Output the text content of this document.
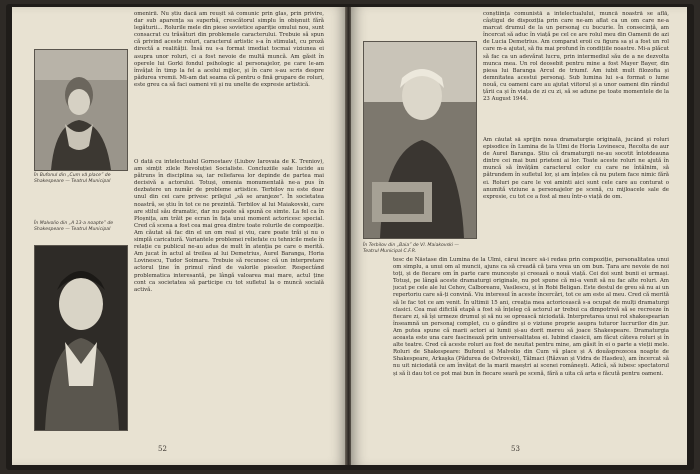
În Bufonul din „Cum vă place” de Shakespeare — Teatrul Municipal

În Malvolio din „A 13-a noapte” de Shakespeare — Teatrul Municipal

omenirii. Nu știu dacă am reușit să comunic prin glas, prin privire, dar sub aparența sa superbă, crescătorul simplu în obișnuit fără legăturii... Rolurile mele din piese sovietice apariție omului nou, sunt consacrat cu trăsături din problemele caracterului. Trebuie să spun că privind aceste roluri, caracterul artistic s-a în stimulat, cu proză directă a realității. Însă nu s-a format imediat tocmai viziunea ei asupra unor roluri, ci a fost nevoie de multă muncă. Am găsit în operele lui Gorki fondul psihologic al personajelor, pe care le-am învățat în timp la fel a acelui mijloc, și în care s-au scris despre pădurea vremii. Mi-am dat seama că pentru o fină grupare de roluri, este greu ca să faci oameni vii și nu unelte de expresie artistică.

O dată cu intelectualul Gornostaev (Liubov Iarovaia de K. Treniov), am simțit zilele Revoluției Socialiste. Concluziile sale lucide au pătruns în disciplina sa, iar reliefarea lor depinde de partea mai decisivă a actorului. Totuși, omenia monumentală ne-a pus în dezbatere un număr de probleme artistice. Terbilov nu este doar unul din cei care privesc prilejul „să se aranjeze”. În societatea noastră, se știu în tot ce ne prezintă. Terbilov al lui Maiakovski, care are stilul său dramatic, dar nu poate să spună ce simte. La fel ca în Ploșnița, am trăit pe ecran în fața unui moment actoricesc special. Cred că scena a fost cea mai grea dintre toate rolurile de compoziție. Am căutat să fac din el un om real și viu, care poate trăi și nu o simplă caricatură. Variantele problemei reliefate cu tehnicile mele în relație cu publicul ne-au adus de mult în atenția pe care o merită. Am jucat în actul al treilea al lui Demetrius, Aurel Baranga, Horia Lovinescu, Tudor Soimaru. Trebuie să recunosc că un interpretare actorul ține în primul rând de valorile pieselor. Respectând problematica interesantă, pe lângă valoarea mai mare, actul ține cont ca societatea să participe cu tot sufletul la o muncă socială activă.

52

În Terbilov din „Baia” de Vl. Maiakovski — Teatrul Municipal C.F.R.

conștiința comunistă a intelectualului, muncă noastră se află, câștigul de dispoziția prin care ne-am aflat ca un om care ne-a marcat drumul de la un personaj cu bucurie. În consecință, am încercat să aduc în viață pe cel ce are rolul meu din Oamenii de azi de Lucia Demetrius. Am comparat eroii cu figura sa și a fost un rol care m-a ajutat, să fiu mai profund în condițiile noastre. Mi-a plăcut să fac ca un adevărat lucru, prin intermediul său de a ne dezvolta munca mea. Un rol deosebit pentru mine a fost Mayer Bayer, din piesa lui Baranga Arcul de triumf. Am iubit mult filozofia și demnitatea acestui personaj. Sub lumina lui s-a format o lume nouă, cu oameni care au ajutat viitorul și a unor oameni din rândul țării ca și în viața de zi cu zi, să se adune pe toate momentele de la 23 August 1944.

Am căutat să sprijin noua dramaturgie originală, jucând și roluri episodice în Lumina de la Ulmi de Horia Lovinescu, Recolta de aur de Aurel Baranga. Știu că dramaturgii ne-au socotit întotdeauna dintre cei mai buni prieteni ai lor. Toate aceste roluri ne ajută în muncă să învățăm caracterul celor cu care ne întâlnim, să pătrundem în sufletul lor, și am înțeles că nu putem face nimic fără ei. Roluri pe care le voi aminti aici sunt cele care au conturat o anumită viziune a personajelor pe scenă, cu mijloacele sale de expresie, cu tot ce a fost al meu într-o viață de om.

tesc de Năstase din Lumina de la Ulmi, cărui încerc să-i redau prin compoziție, personalitatea unui om simplu, a unui om al muncii, ajuns ca să creadă că țara vrea un om bun. Țara are nevoie de noi toți, și de fiecare om în parte care muncește și creează o nouă viață. Cei doi sunt bunii ei urmași. Totuși, pe lângă aceste dramaturgi originale, nu pot spune că mi-a venit să nu fac alte roluri. Am jucat pe cele ale lui Cehov, Calboreanu, Vasilescu, și în Robi Beligan. Este destul de greu să nu ai un repertoriu care să-ți convină. Viu interesul în aceste încercări, tot ce am este al meu. Cred că merită să le fac tot ce am venit. În ultimii 15 ani, creația mea actoricească s-a ocupat de mulți dramaturgi clasici. Cea mai dificilă etapă a fost să înțeleg că actorul ar trebui ca dimpotrivă să se recreeze în fiecare zi, să își urmeze drumul și să nu se oprească niciodată. Interpretarea unui rol shakespearian înseamnă un personaj complet, cu o gândire și o viziune proprie asupra tuturor lucrurilor din jur. Am putea spune că marii actori ai lumii și-au dorit mereu să joace Shakespeare. Dramaturgia aceasta este una care fascinează prin universalitatea ei. Iubind clasicii, am făcut câteva roluri și în alte teatre. Cred că aceste roluri au fost de neuitat pentru mine, am găsit în ei o parte a vieții mele. Roluri de Shakespeare: Bufonul și Malvolio din Cum vă place și A douăsprezecea noapte de Shakespeare, Arkaşka (Pădurea de Ostrovski), Tâlmaci (Răzvan și Vidra de Hasdeu), am încercat să nu uit niciodată ce am învățat de la marii maeștri ai scenei românești. Adică, să iubesc spectatorul și să îi dau tot ce pot mai bun în fiecare seară pe scenă, fără a uita că arta e făcută pentru oameni.

53
